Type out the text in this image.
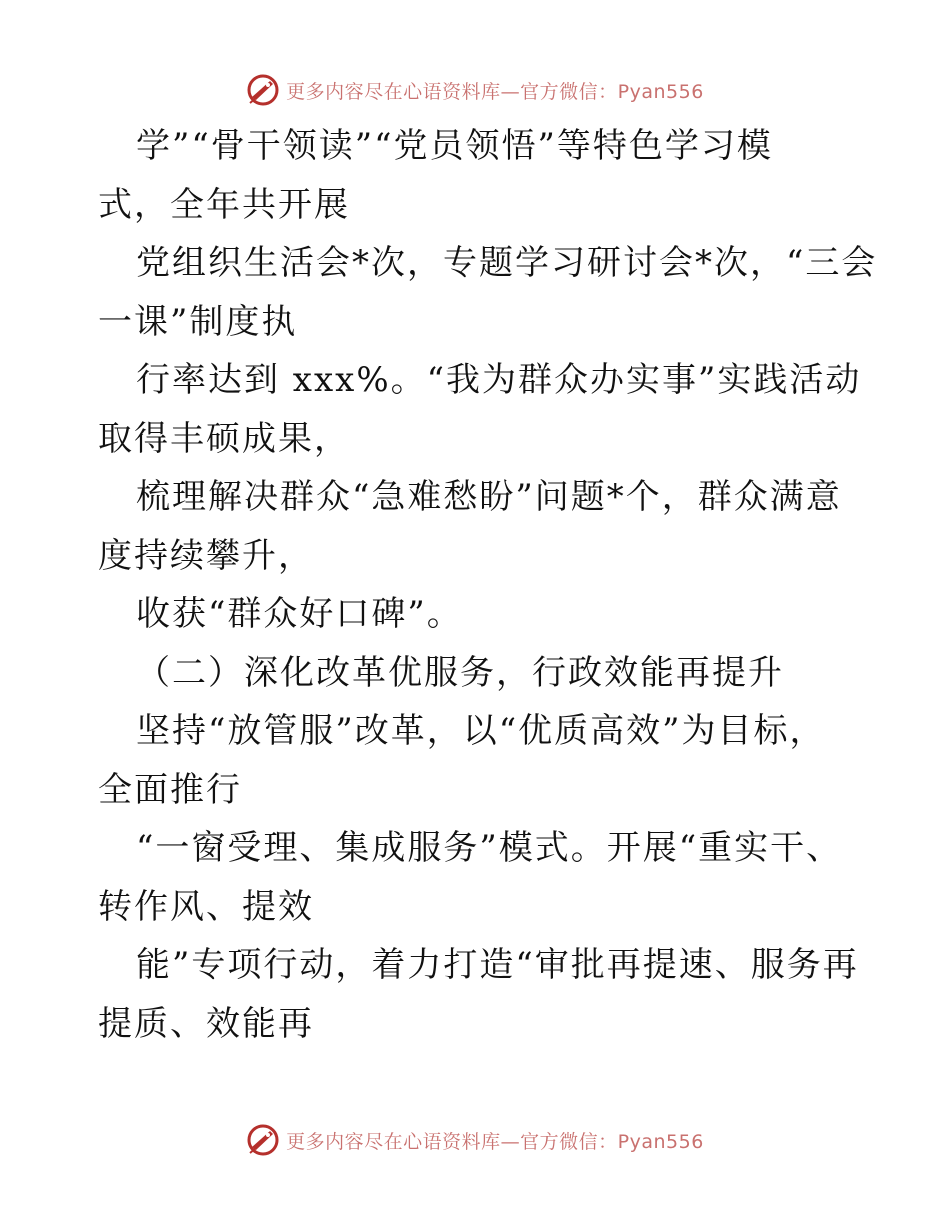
更多内容尽在心语资料库—官方微信：Pyan556
学”“骨干领读”“党员领悟”等特色学习模
式，全年共开展
党组织生活会*次，专题学习研讨会*次，“三会
一课”制度执
行率达到 xxx%。“我为群众办实事”实践活动
取得丰硕成果，
梳理解决群众“急难愁盼”问题*个，群众满意
度持续攀升，
收获“群众好口碑”。
（二）深化改革优服务，行政效能再提升
坚持“放管服”改革，以“优质高效”为目标，
全面推行
“一窗受理、集成服务”模式。开展“重实干、
转作风、提效
能”专项行动，着力打造“审批再提速、服务再
提质、效能再
更多内容尽在心语资料库—官方微信：Pyan556
